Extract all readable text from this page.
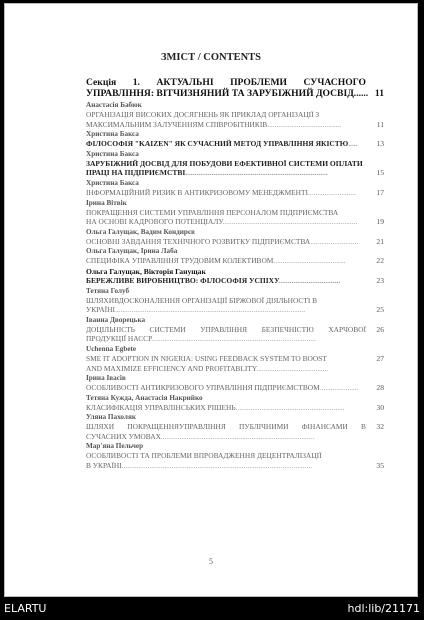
ЗМІСТ / CONTENTS
Секція 1. АКТУАЛЬНІ ПРОБЛЕМИ СУЧАСНОГО
УПРАВЛІННЯ: ВІТЧИЗНЯНИЙ ТА ЗАРУБІЖНИЙ ДОСВІД...... 11
Анастасія Бабюк
ОРГАНІЗАЦІЯ ВИСОКИХ ДОСЯГНЕНЬ ЯК ПРИКЛАД ОРГАНІЗАЦІЇ З
МАКСИМАЛЬНИМ ЗАЛУЧЕННЯМ СПІВРОБІТНИКІВ........................................	11
Христина Бакса
ФІЛОСОФІЯ "KAIZEN" ЯК СУЧАСНИЙ МЕТОД УПРАВЛІННЯ ЯКІСТЮ..... 13
Христина Бакса
ЗАРУБІЖНИЙ ДОСВІД ДЛЯ ПОБУДОВИ ЕФЕКТИВНОЇ СИСТЕМИ ОПЛАТИ
ПРАЦІ НА ПІДПРИЄМСТВІ............................................................................	15
Христина Бакса
ІНФОРМАЦІЙНИЙ РИЗИК В АНТИКРИЗОВОМУ МЕНЕДЖМЕНТІ..........................	17
Ірина Вітвік
ПОКРАЩЕННЯ СИСТЕМИ УПРАВЛІННЯ ПЕРСОНАЛОМ ПІДПРИЄМСТВА
НА ОСНОВІ КАДРОВОГО ПОТЕНЦІАЛУ.........................................................................	19
Ольга Галущак, Вадим Кондирєв
ОСНОВНІ ЗАВДАННЯ ТЕХНІЧНОГО РОЗВИТКУ ПІДПРИЄМСТВА.......................... 21
Ольга Галущак, Ірина Лаба
СПЕЦИФІКА УПРАВЛІННЯ ТРУДОВИМ КОЛЕКТИВОМ.......................................	22
Ольга Галущак, Вікторія Ганущак
БЕРЕЖЛИВЕ ВИРОБНИЦТВО: ФІЛОСОФІЯ УСПІХУ.................................	23
Тетяна Голуб
ШЛЯХИВДОСКОНАЛЕННЯ ОРГАНІЗАЦІЇ БІРЖОВОЇ ДІЯЛЬНОСТІ В
УКРАЇНІ.......................................................................................................	25
Іванна Дворецька
ДОЦІЛЬНІСТЬ СИСТЕМИ УПРАВЛІННЯ БЕЗПЕЧНІСТЮ ХАРЧОВОЇ 26
ПРОДУКЦІЇ НАССР.........................................................................................
Uchenna Egbete
SME IT ADOPTION IN NIGERIA: USING FEEDBACK SYSTEM TO BOOST	27
AND MAXIMIZE EFFICIENCY AND PROFITABLITY.......................................
Ірина Івасів
ОСОБЛИВОСТІ АНТИКРИЗОВОГО УПРАВЛІННЯ ПІДПРИЄМСТВОМ..................... 28
Тетяна Кужда, Анастасія Накрийко
КЛАСИФІКАЦІЯ УПРАВЛІНСЬКИХ РІШЕНЬ...........................................................	30
Уляна Пахоляк
ШЛЯХИ ПОКРАЩЕННЯУПРАВЛІННЯ ПУБЛІЧНИМИ ФІНАНСАМИ В 32
СУЧАСНИХ УМОВАХ...................................................................................
Мар'яна Пельчер
ОСОБЛИВОСТІ ТА ПРОБЛЕМИ ВПРОВАДЖЕННЯ ДЕЦЕНТРАЛІЗАЦІЇ
В УКРАЇНІ.......................................................................................................	35
5
ELARTU	hdl:lib/21171
